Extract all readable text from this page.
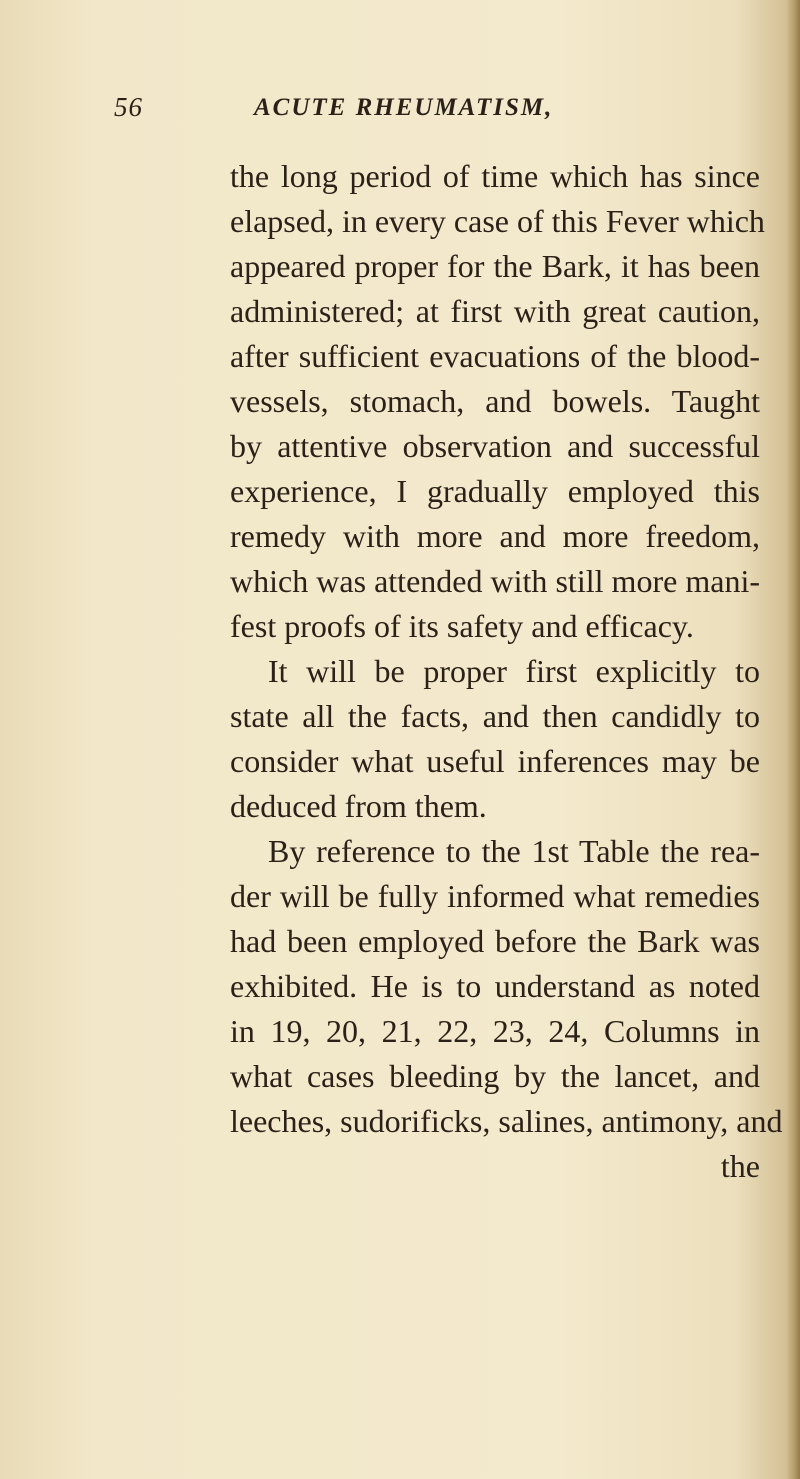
56	ACUTE RHEUMATISM,
the long period of time which has since
elapsed, in every case of this Fever which
appeared proper for the Bark, it has been
administered; at first with great caution,
after sufficient evacuations of the blood-
vessels, stomach, and bowels. Taught
by attentive observation and successful
experience, I gradually employed this
remedy with more and more freedom,
which was attended with still more mani-
fest proofs of its safety and efficacy.
It will be proper first explicitly to
state all the facts, and then candidly to
consider what useful inferences may be
deduced from them.
By reference to the 1st Table the rea-
der will be fully informed what remedies
had been employed before the Bark was
exhibited. He is to understand as noted
in 19, 20, 21, 22, 23, 24, Columns in
what cases bleeding by the lancet, and
leeches, sudorificks, salines, antimony, and
the
